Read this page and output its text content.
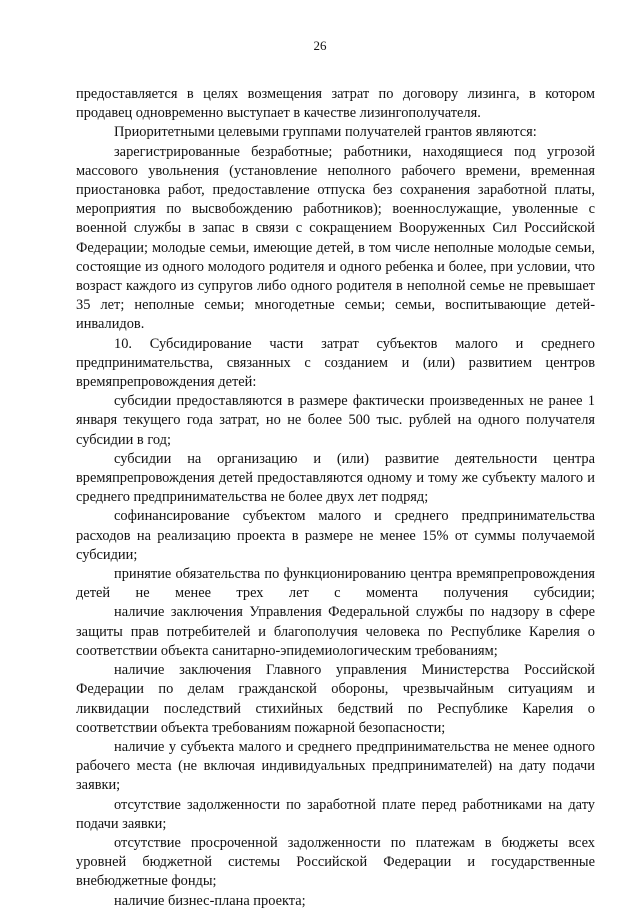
26

предоставляется в целях возмещения затрат по договору лизинга, в котором продавец одновременно выступает в качестве лизингополучателя.

Приоритетными целевыми группами получателей грантов являются:

зарегистрированные безработные; работники, находящиеся под угрозой массового увольнения (установление неполного рабочего времени, временная приостановка работ, предоставление отпуска без сохранения заработной платы, мероприятия по высвобождению работников); военнослужащие, уволенные с военной службы в запас в связи с сокращением Вооруженных Сил Российской Федерации; молодые семьи, имеющие детей, в том числе неполные молодые семьи, состоящие из одного молодого родителя и одного ребенка и более, при условии, что возраст каждого из супругов либо одного родителя в неполной семье не превышает 35 лет; неполные семьи; многодетные семьи; семьи, воспитывающие детей-инвалидов.

10. Субсидирование части затрат субъектов малого и среднего предпринимательства, связанных с созданием и (или) развитием центров времяпрепровождения детей:

субсидии предоставляются в размере фактически произведенных не ранее 1 января текущего года затрат, но не более 500 тыс. рублей на одного получателя субсидии в год;

субсидии на организацию и (или) развитие деятельности центра времяпрепровождения детей предоставляются одному и тому же субъекту малого и среднего предпринимательства не более двух лет подряд;

софинансирование субъектом малого и среднего предпринимательства расходов на реализацию проекта в размере не менее 15% от суммы получаемой субсидии;

принятие обязательства по функционированию центра времяпрепровождения детей не менее трех лет с момента получения субсидии;

наличие заключения Управления Федеральной службы по надзору в сфере защиты прав потребителей и благополучия человека по Республике Карелия о соответствии объекта санитарно-эпидемиологическим требованиям;

наличие заключения Главного управления Министерства Российской Федерации по делам гражданской обороны, чрезвычайным ситуациям и ликвидации последствий стихийных бедствий по Республике Карелия о соответствии объекта требованиям пожарной безопасности;

наличие у субъекта малого и среднего предпринимательства не менее одного рабочего места (не включая индивидуальных предпринимателей) на дату подачи заявки;

отсутствие задолженности по заработной плате перед работниками на дату подачи заявки;

отсутствие просроченной задолженности по платежам в бюджеты всех уровней бюджетной системы Российской Федерации и государственные внебюджетные фонды;

наличие бизнес-плана проекта;
